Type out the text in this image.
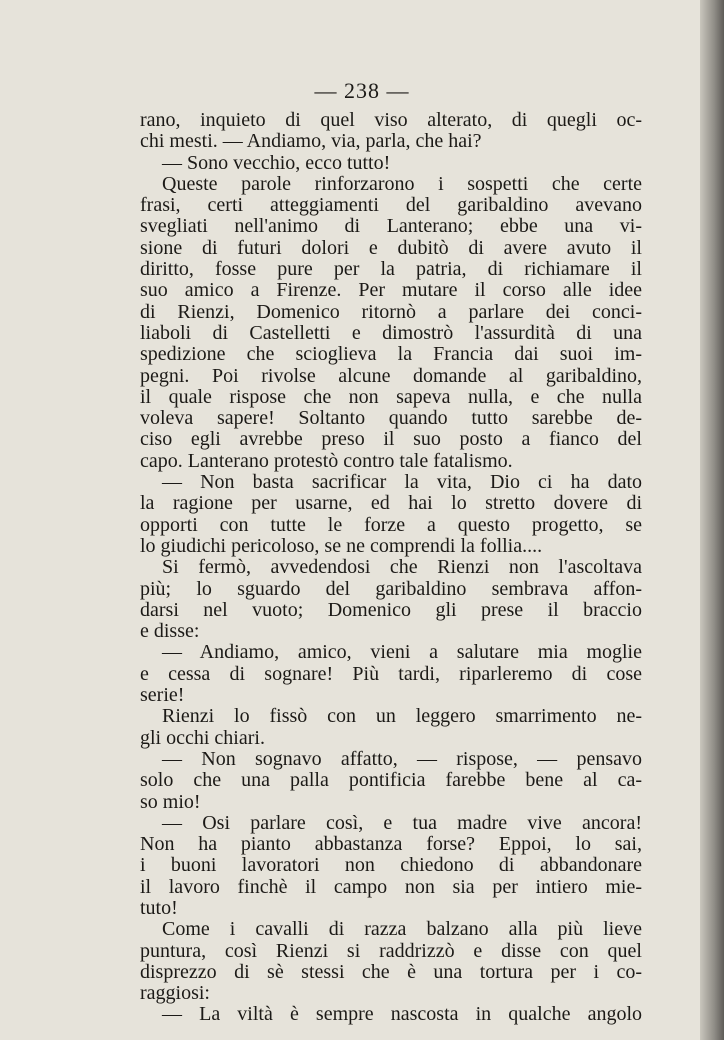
— 238 —
rano, inquieto di quel viso alterato, di quegli oc-
chi mesti. — Andiamo, via, parla, che hai?
— Sono vecchio, ecco tutto!
Queste parole rinforzarono i sospetti che certe
frasi, certi atteggiamenti del garibaldino avevano
svegliati nell'animo di Lanterano; ebbe una vi-
sione di futuri dolori e dubitò di avere avuto il
diritto, fosse pure per la patria, di richiamare il
suo amico a Firenze. Per mutare il corso alle idee
di Rienzi, Domenico ritornò a parlare dei conci-
liaboli di Castelletti e dimostrò l'assurdità di una
spedizione che scioglieva la Francia dai suoi im-
pegni. Poi rivolse alcune domande al garibaldino,
il quale rispose che non sapeva nulla, e che nulla
voleva sapere! Soltanto quando tutto sarebbe de-
ciso egli avrebbe preso il suo posto a fianco del
capo. Lanterano protestò contro tale fatalismo.
— Non basta sacrificar la vita, Dio ci ha dato
la ragione per usarne, ed hai lo stretto dovere di
opporti con tutte le forze a questo progetto, se
lo giudichi pericoloso, se ne comprendi la follia....
Si fermò, avvedendosi che Rienzi non l'ascoltava
più; lo sguardo del garibaldino sembrava affon-
darsi nel vuoto; Domenico gli prese il braccio
e disse:
— Andiamo, amico, vieni a salutare mia moglie
e cessa di sognare! Più tardi, riparleremo di cose
serie!
Rienzi lo fissò con un leggero smarrimento ne-
gli occhi chiari.
— Non sognavo affatto, — rispose, — pensavo
solo che una palla pontificia farebbe bene al ca-
so mio!
— Osi parlare così, e tua madre vive ancora!
Non ha pianto abbastanza forse? Eppoi, lo sai,
i buoni lavoratori non chiedono di abbandonare
il lavoro finchè il campo non sia per intiero mie-
tuto!
Come i cavalli di razza balzano alla più lieve
puntura, così Rienzi si raddrizzò e disse con quel
disprezzo di sè stessi che è una tortura per i co-
raggiosi:
— La viltà è sempre nascosta in qualche angolo
